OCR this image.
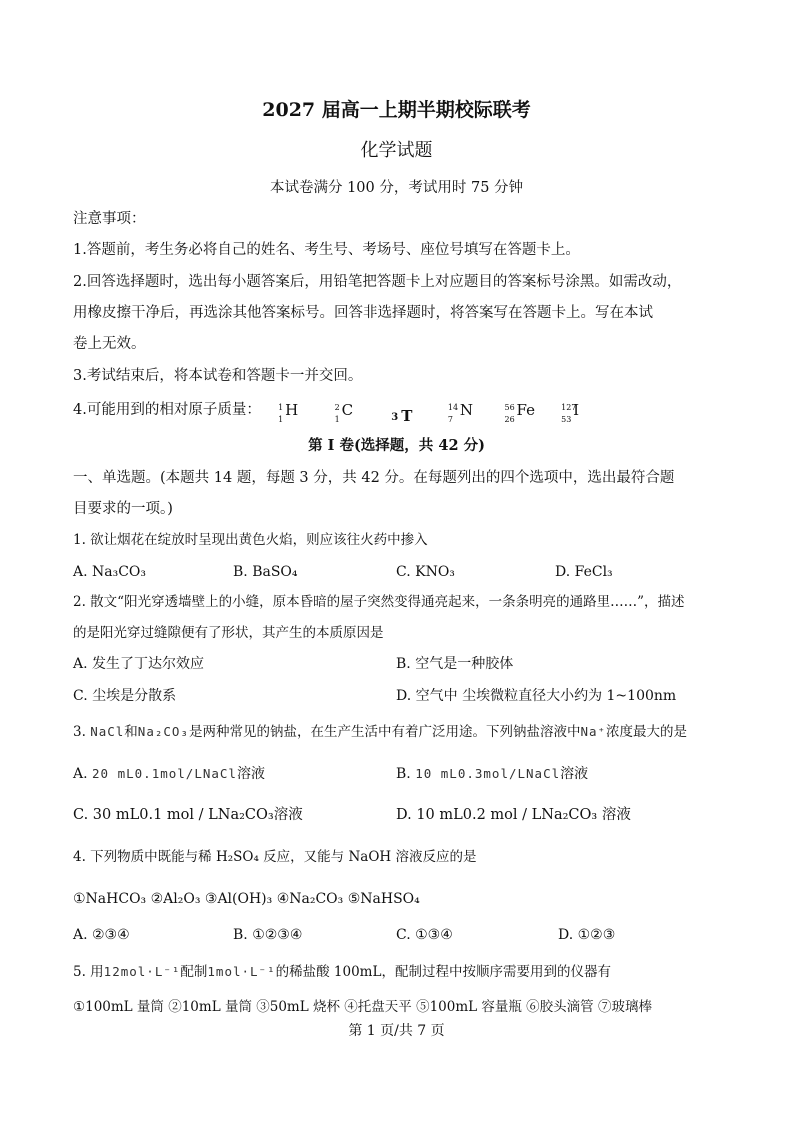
2027 届高一上期半期校际联考
化学试题
本试卷满分 100 分，考试用时 75 分钟
注意事项：
1.答题前，考生务必将自己的姓名、考生号、考场号、座位号填写在答题卡上。
2.回答选择题时，选出每小题答案后，用铅笔把答题卡上对应题目的答案标号涂黑。如需改动，
用橡皮擦干净后，再选涂其他答案标号。回答非选择题时，将答案写在答题卡上。写在本试
卷上无效。
3.考试结束后，将本试卷和答题卡一并交回。
4.可能用到的相对原子质量： 1
1
H
	2
1
C
	3 T
	14
7
N
	56
26
Fe
	127
53
I
第 I 卷(选择题，共 42 分)
一、单选题。(本题共 14 题，每题 3 分，共 42 分。在每题列出的四个选项中，选出最符合题
目要求的一项。)
1. 欲让烟花在绽放时呈现出黄色火焰，则应该往火药中掺入
A. Na₃CO₃	B. BaSO₄	C. KNO₃	D. FeCl₃
2. 散文“阳光穿透墙壁上的小缝，原本昏暗的屋子突然变得通亮起来，一条条明亮的通路里……”，描述
的是阳光穿过缝隙便有了形状，其产生的本质原因是
A. 发生了丁达尔效应	B. 空气是一种胶体
C. 尘埃是分散系	D. 空气中 尘埃微粒直径大小约为 1~100nm
3. NaCl和Na₂CO₃是两种常见的钠盐，在生产生活中有着广泛用途。下列钠盐溶液中Na⁺浓度最大的是
A. 20 mL0.1mol/LNaCl溶液	B. 10 mL0.3mol/LNaCl溶液
C. 30 mL0.1 mol / LNa₂CO₃溶液	D. 10 mL0.2 mol / LNa₂CO₃ 溶液
4. 下列物质中既能与稀 H₂SO₄ 反应，又能与 NaOH 溶液反应的是
①NaHCO₃ ②Al₂O₃ ③Al(OH)₃ ④Na₂CO₃ ⑤NaHSO₄
A. ②③④	B. ①②③④	C. ①③④	D. ①②③
5. 用12mol·L⁻¹配制1mol·L⁻¹的稀盐酸 100mL，配制过程中按顺序需要用到的仪器有
①100mL 量筒 ②10mL 量筒 ③50mL 烧杯 ④托盘天平 ⑤100mL 容量瓶 ⑥胶头滴管 ⑦玻璃棒
第 1 页/共 7 页
